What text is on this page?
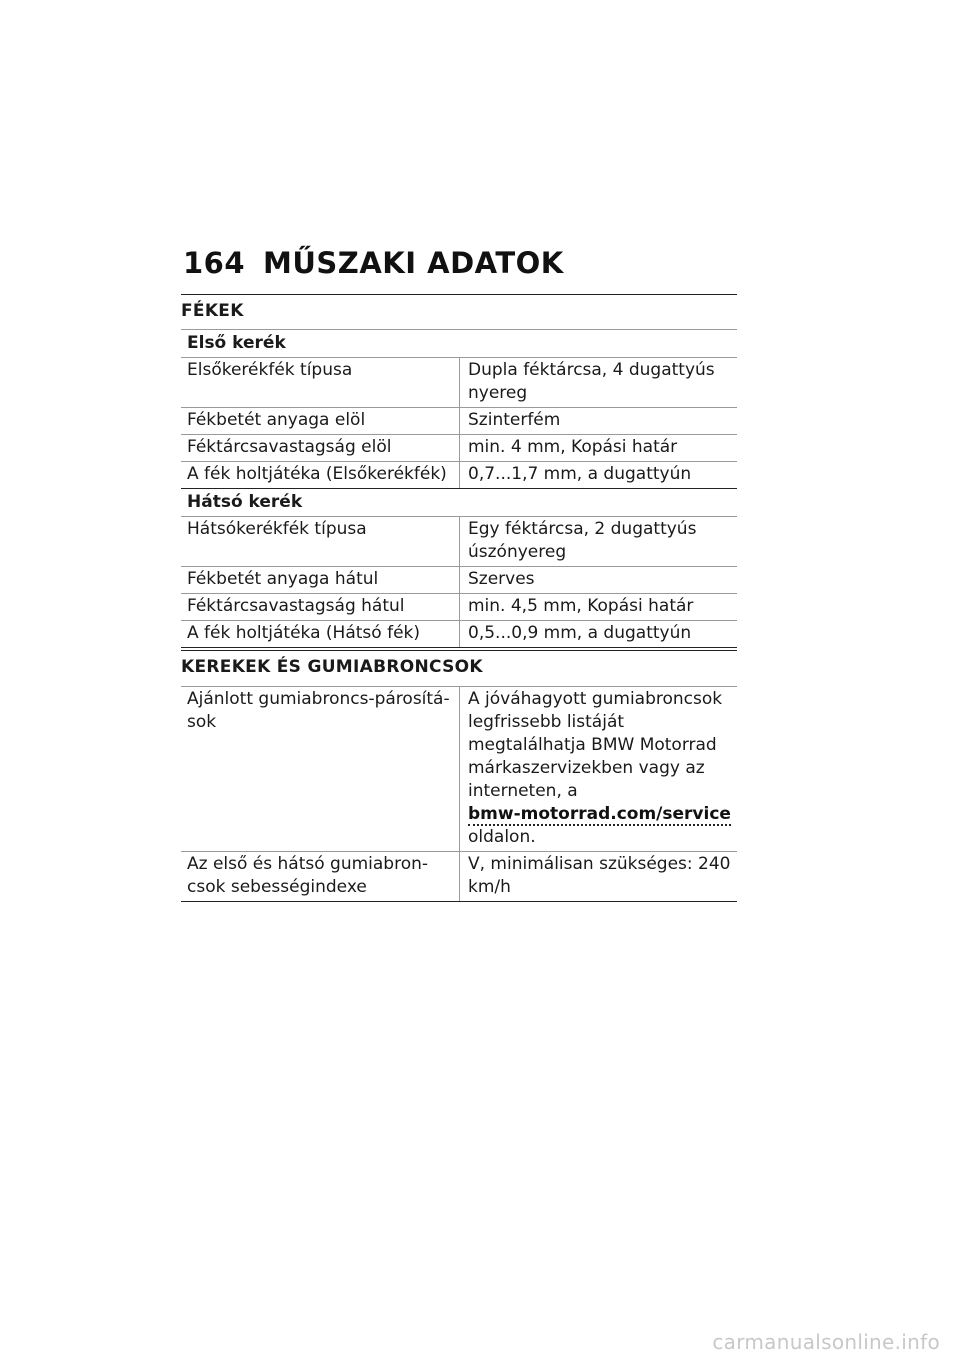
164 MŰSZAKI ADATOK
FÉKEK
Első kerék	
Elsőkerékfék típusa	Dupla féktárcsa, 4 dugattyús nyereg
Fékbetét anyaga elöl	Szinterfém
Féktárcsavastagság elöl	min. 4 mm, Kopási határ
A fék holtjátéka (Elsőkerékfék)	0,7...1,7 mm, a dugattyún
Hátsó kerék	
Hátsókerékfék típusa	Egy féktárcsa, 2 dugattyús úszónyereg
Fékbetét anyaga hátul	Szerves
Féktárcsavastagság hátul	min. 4,5 mm, Kopási határ
A fék holtjátéka (Hátsó fék)	0,5...0,9 mm, a dugattyún
KEREKEK ÉS GUMIABRONCSOK
Ajánlott gumiabroncs-párosítá-sok	A jóváhagyott gumiabroncsok legfrissebb listáját megtalálhatja BMW Motorrad márkaszervizekben vagy az interneten, a
bmw-motorrad.com/service
oldalon.
Az első és hátsó gumiabron-csok sebességindexe	V, minimálisan szükséges: 240 km/h
carmanualsonline.info
